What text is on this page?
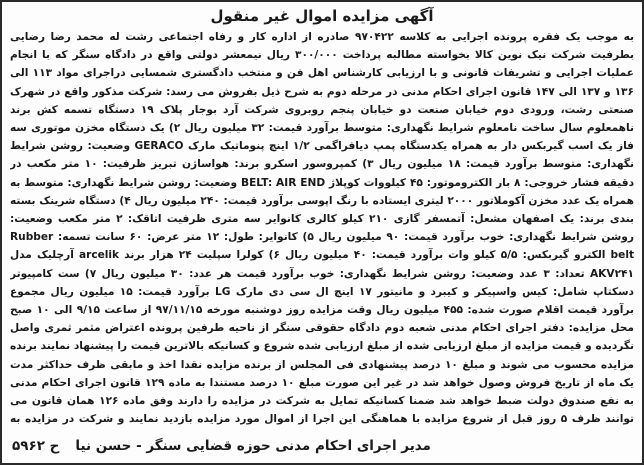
آگهی مزایده اموال غیر منقول
به موجب یک فقره پرونده اجرایی به کلاسه ۹۷۰۴۲۲ صادره از اداره کار و رفاه اجتماعی رشت له محمد رضا رضایی بطرفیت شرکت نیک نوین کالا بخواسته مطالبه پرداخت ۳۰۰/۰۰۰ ریال نیمعشر دولتی واقع در دادگاه سنگر که با انجام عملیات اجرایی و تشریفات قانونی و با ارزیابی کارشناس اهل فن و منتخب دادگستری شمسایی دراجرای مواد ۱۱۳ الی ۱۳۶ و ۱۳۷ الی ۱۴۷ قانون اجرای احکام مدنی در مرحله دوم به شرح ذیل بفروش می رسد: شرکت مذکور واقع در شهرک صنعتی رشت، ورودی دوم خیابان صنعت دو خیابان پنجم روبروی شرکت آرد بوجار پلاک ۱۹ دستگاه تسمه کش برند ناهمعلوم سال ساخت نامعلوم شرایط نگهداری: متوسط برآورد قیمت: ۳۲ میلیون ریال ۲) یک دستگاه مخزن موتوری سه فاز یک اسب گیربکس دار به همراه یکدستگاه پمپ دیافراگمی ۱/۲ اینچ پنوماتیک مارک GERACO وضعیت: روشن شرایط نگهداری: متوسط برآورد قیمت: ۱۸ میلیون ریال ۳) کمپروسور اسکرو برند: هواساژن تبریز ظرفیت: ۱۰ متر مکعب در دقیقه فشار خروجی: ۸ بار الکتروموتور: ۴۵ کیلووات کوپلاژ BELT: AIR END وضعیت: روشن شرایط نگهداری: متوسط به همراه یک عدد مخزن آکوملاتور ۲۰۰۰ لیتری ایستاده با رنگ اپوسی برآورد قیمت: ۲۴۰ میلیون ریال ۴) دستگاه شرینک بسته بندی برند: یک اصفهان مشعل: آتمسفر گازی ۲۱۰ کیلو کالری کانوایر سه متری ظرفیت اتاقک: ۲ متر مکعب وضعیت: روشن شرایط نگهداری: خوب برآورد قیمت: ۹۰ میلیون ریال ۵) کانوایر: طول: ۱۲ متر عرض: ۶۰ سانت تسمه: Rubber belt الکترو گیربکس: ۵/۵ کیلو وات برآورد قیمت: ۴۰ میلیون ریال ۶) کولرا سپلیت ۲۴ هزار برند arcelik آرچلیک مدل AKV۲۴۱ تعداد: ۳ عدد وضعیت: روشن شرایط نگهداری: خوب برآورد قیمت هر عدد: ۳۰ میلیون ریال ۷) ست کامپیوتر دسکتاپ شامل: کیس واسپیکر و کیبرد و مانیتور ۱۷ اینچ ال سی دی مارک LG برآورد قیمت: ۱۵ میلیون ریال مجموع برآورد قیمت اقلام صورت شده: ۴۵۵ میلیون ریال وقت مزایده روز دوشنبه مورخه ۹۷/۱۱/۱۵ از ساعت ۹/۱۵ الی ۱۰ صبح محل مزایده: دفتر اجرای احکام مدنی شعبه دوم دادگاه حقوقی سنگر از ناحیه طرفین پرونده اعتراض مثمر ثمری واصل نگردیده و قیمت مزایده از مبلغ ارزیابی شده از مبلغ ارزیابی شده شروع و کسانیکه بالاترین قیمت را پیشنهاد نمایند برنده مزایده محسوب می شوند و مبلغ ۱۰ درصد پیشنهادی فی المجلس از برنده مزایده نقدا اخذ و مابقی ظرف حداکثر مدت یک ماه از تاریخ فروش وصول خواهد شد در غیر این صورت مبلغ ۱۰ درصد مستندا به ماده ۱۲۹ قانون اجرای احکام مدنی به نفع صندوق دولت ضبط خواهد شد ضمنا کسانیکه تمایل به شرکت در مزایده را دارند وفق ماده ۱۲۶ همان قانون می توانند ظرف ۵ روز قبل از شروع مزایده با هماهنگی این اجرا از اموال مورد مزایده بازدید نمایند و شرکت در مزایده به
ح ۵۹۶۲ مدیر اجرای احکام مدنی حوزه قضایی سنگر - حسن نیا
